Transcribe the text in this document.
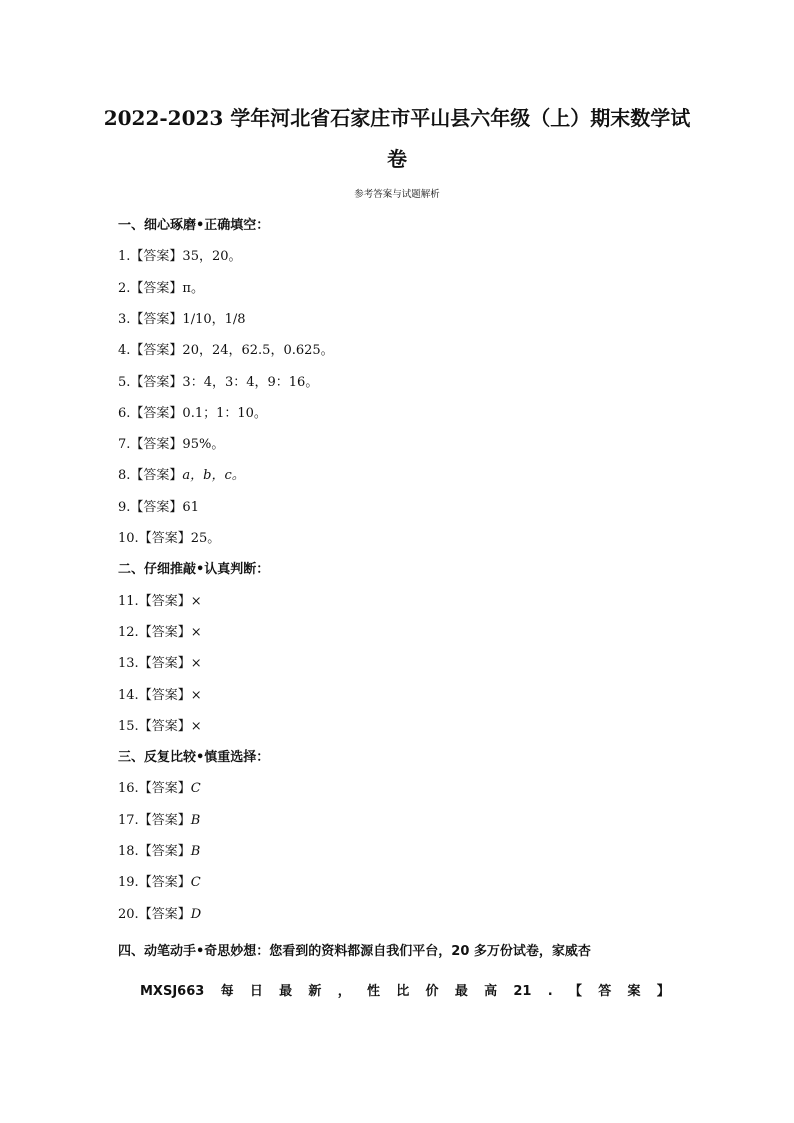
2022-2023 学年河北省石家庄市平山县六年级（上）期末数学试
卷
参考答案与试题解析
一、细心琢磨•正确填空：
1.【答案】35，20。
2.【答案】π。
3.【答案】1/10，1/8
4.【答案】20，24，62.5，0.625。
5.【答案】3：4，3：4，9：16。
6.【答案】0.1；1：10。
7.【答案】95%。
8.【答案】a，b，c。
9.【答案】61
10.【答案】25。
二、仔细推敲•认真判断：
11.【答案】×
12.【答案】×
13.【答案】×
14.【答案】×
15.【答案】×
三、反复比较•慎重选择：
16.【答案】C
17.【答案】B
18.【答案】B
19.【答案】C
20.【答案】D
四、动笔动手•奇思妙想：您看到的资料都源自我们平台，20 多万份试卷，家威杏
MXSJ663 每 日 最 新 ， 性 比 价 最 高 21 . 【 答 案 】
